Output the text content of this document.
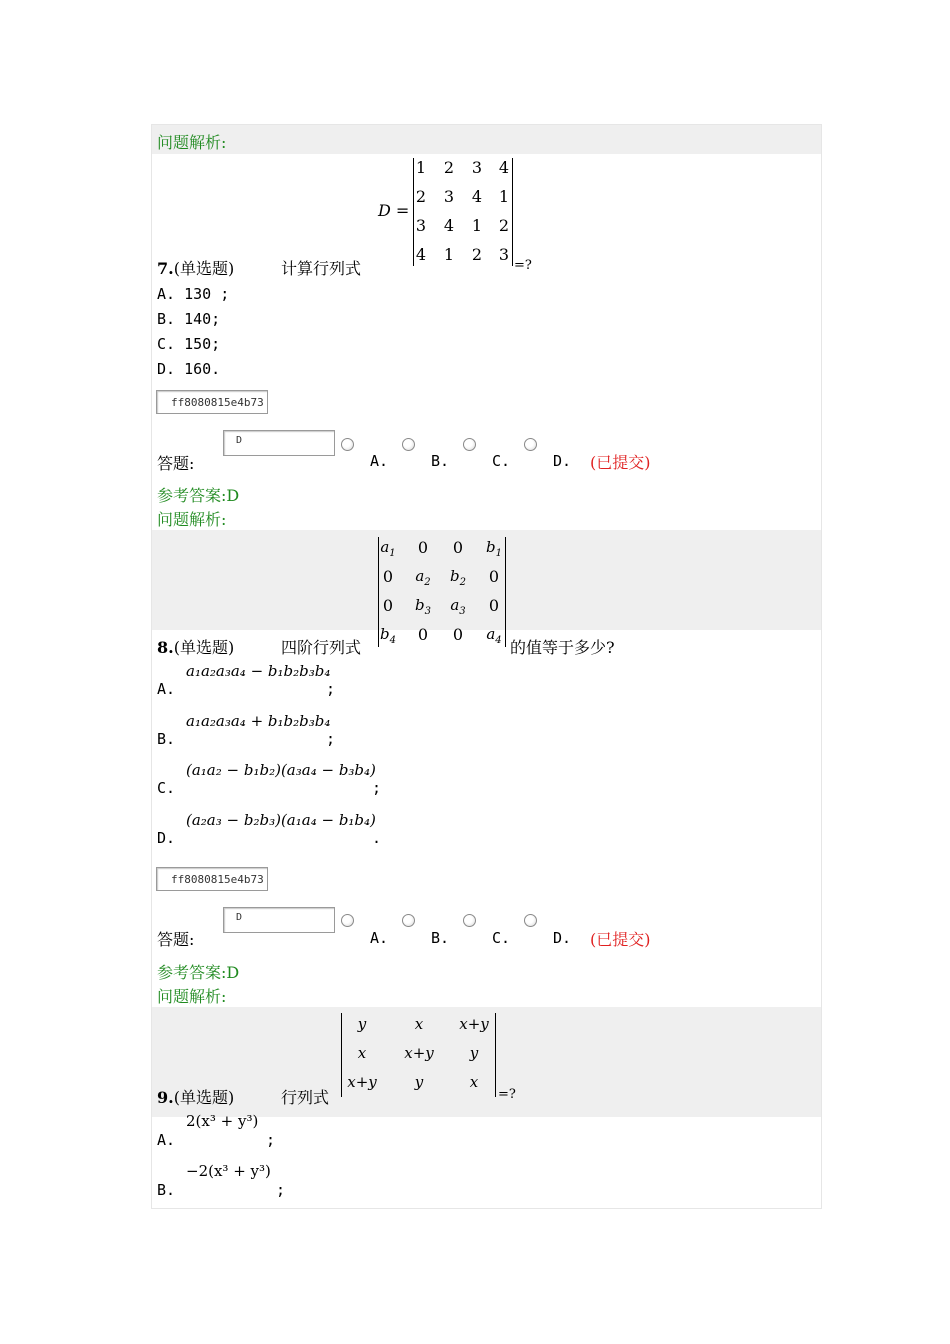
问题解析:
D =
1 2 3 4
2 3 4 1
3 4 1 2
4 1 2 3
7.(单选题)	计算行列式	=?
A. 130 ;
B. 140;
C. 150;
D. 160.
ff8080815e4b73
答题:
D
A.	B.	C.	D. (已提交)
参考答案:D
问题解析:
$a_1$ 0 0 $b_1$
0 $a_2$ $b_2$ 0
0 $b_3$ $a_3$ 0
$b_4$ 0 0 $a_4$
8.(单选题)	四阶行列式	的值等于多少?
a₁a₂a₃a₄ − b₁b₂b₃b₄
A.	;
a₁a₂a₃a₄ + b₁b₂b₃b₄
B.	;
(a₁a₂ − b₁b₂)(a₃a₄ − b₃b₄)
C.	;
(a₂a₃ − b₂b₃)(a₁a₄ − b₁b₄)
D.	.
ff8080815e4b73
答题:
D
A.	B.	C.	D. (已提交)
参考答案:D
问题解析:
y	x x+y
x	x+y y
x+y	y	x
9.(单选题)	行列式	=?
2(x³ + y³)
A.	;
−2(x³ + y³)
B.	;
